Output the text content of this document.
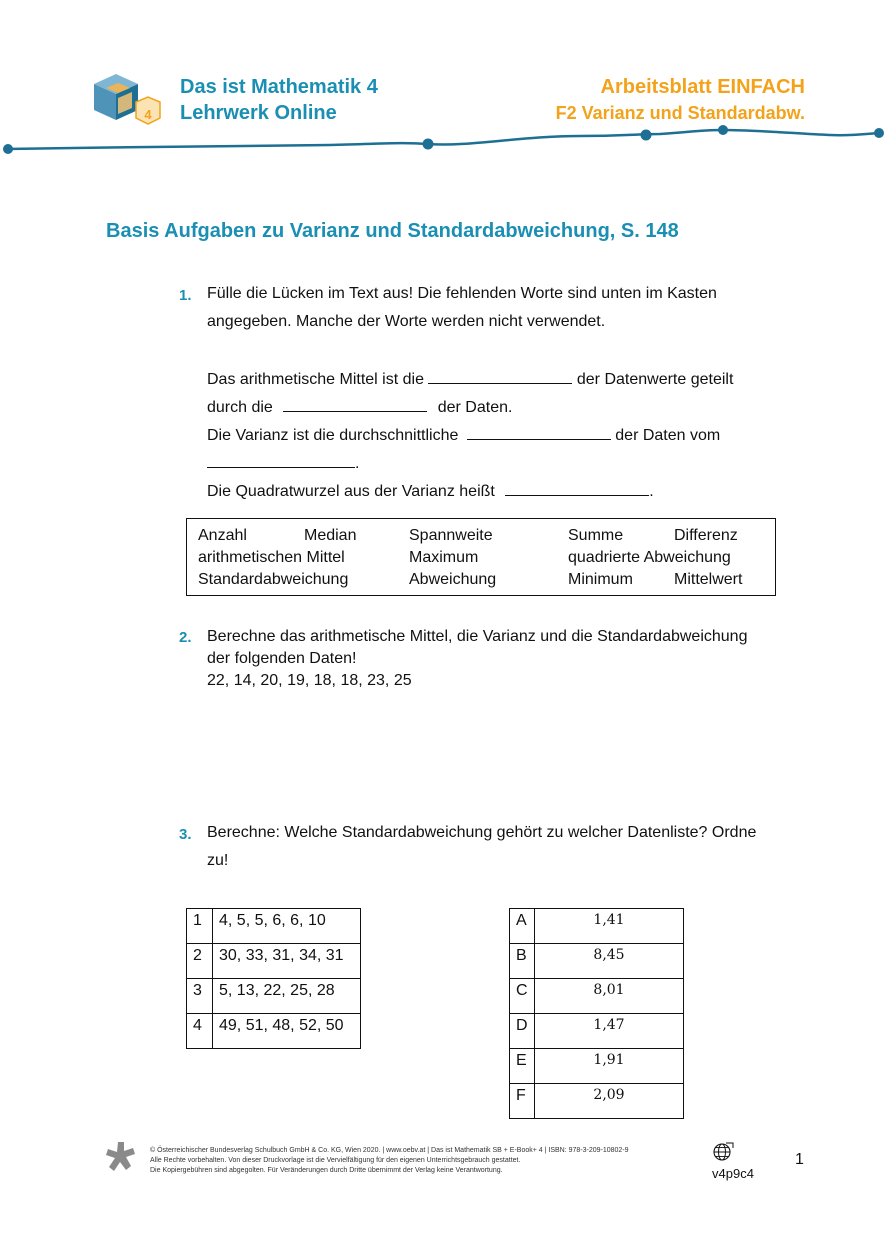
4
Das ist Mathematik 4
Lehrwerk Online
Arbeitsblatt EINFACH
F2 Varianz und Standardabw.
Basis Aufgaben zu Varianz und Standardabweichung, S. 148
1. Fülle die Lücken im Text aus! Die fehlenden Worte sind unten im Kasten
angegeben. Manche der Worte werden nicht verwendet.
Das arithmetische Mittel ist die	der Datenwerte geteilt
durch die	der Daten.
Die Varianz ist die durchschnittliche	der Daten vom
.
Die Quadratwurzel aus der Varianz heißt	.
Anzahl	Median	Spannweite	Summe	Differenz
arithmetischen Mittel	Maximum	quadrierte Abweichung
Standardabweichung	Abweichung	Minimum	Mittelwert
2. Berechne das arithmetische Mittel, die Varianz und die Standardabweichung
der folgenden Daten!
22, 14, 20, 19, 18, 18, 23, 25
3. Berechne: Welche Standardabweichung gehört zu welcher Datenliste? Ordne
zu!
1	4, 5, 5, 6, 6, 10
2	30, 33, 31, 34, 31
3	5, 13, 22, 25, 28
4	49, 51, 48, 52, 50
A	1,41
B	8,45
C	8,01
D	1,47
E	1,91
F	2,09
© Österreichischer Bundesverlag Schulbuch GmbH & Co. KG, Wien 2020. | www.oebv.at | Das ist Mathematik SB + E-Book+ 4 | ISBN: 978-3-209-10802-9
Alle Rechte vorbehalten. Von dieser Druckvorlage ist die Vervielfältigung für den eigenen Unterrichtsgebrauch gestattet.
Die Kopiergebühren sind abgegolten. Für Veränderungen durch Dritte übernimmt der Verlag keine Verantwortung.	v4p9c4
1
